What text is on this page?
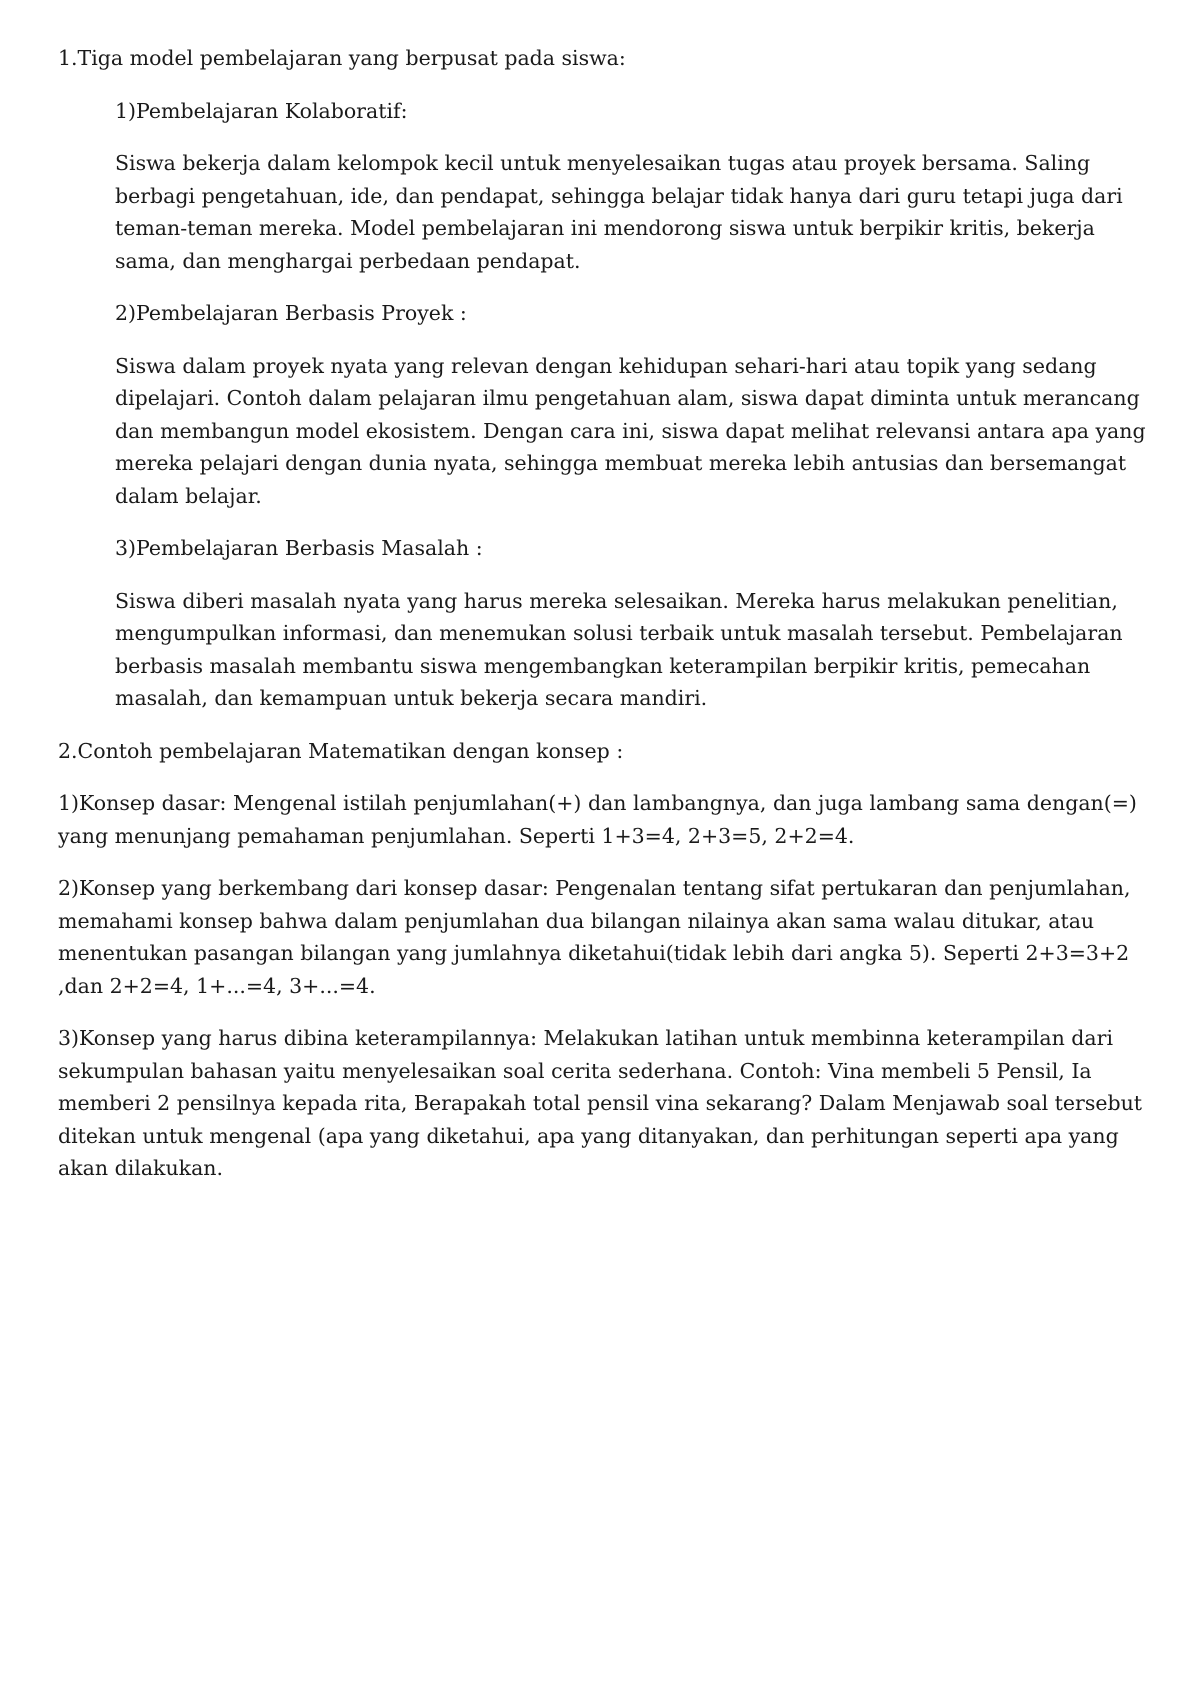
1.Tiga model pembelajaran yang berpusat pada siswa:

1)Pembelajaran Kolaboratif:

Siswa bekerja dalam kelompok kecil untuk menyelesaikan tugas atau proyek bersama. Saling berbagi pengetahuan, ide, dan pendapat, sehingga belajar tidak hanya dari guru tetapi juga dari teman-teman mereka. Model pembelajaran ini mendorong siswa untuk berpikir kritis, bekerja sama, dan menghargai perbedaan pendapat.

2)Pembelajaran Berbasis Proyek :

Siswa dalam proyek nyata yang relevan dengan kehidupan sehari-hari atau topik yang sedang dipelajari. Contoh dalam pelajaran ilmu pengetahuan alam, siswa dapat diminta untuk merancang dan membangun model ekosistem. Dengan cara ini, siswa dapat melihat relevansi antara apa yang mereka pelajari dengan dunia nyata, sehingga membuat mereka lebih antusias dan bersemangat dalam belajar.

3)Pembelajaran Berbasis Masalah :

Siswa diberi masalah nyata yang harus mereka selesaikan. Mereka harus melakukan penelitian, mengumpulkan informasi, dan menemukan solusi terbaik untuk masalah tersebut. Pembelajaran berbasis masalah membantu siswa mengembangkan keterampilan berpikir kritis, pemecahan masalah, dan kemampuan untuk bekerja secara mandiri.

2.Contoh pembelajaran Matematikan dengan konsep :

1)Konsep dasar: Mengenal istilah penjumlahan(+) dan lambangnya, dan juga lambang sama dengan(=) yang menunjang pemahaman penjumlahan. Seperti 1+3=4, 2+3=5, 2+2=4.

2)Konsep yang berkembang dari konsep dasar: Pengenalan tentang sifat pertukaran dan penjumlahan, memahami konsep bahwa dalam penjumlahan dua bilangan nilainya akan sama walau ditukar, atau menentukan pasangan bilangan yang jumlahnya diketahui(tidak lebih dari angka 5). Seperti 2+3=3+2 ,dan 2+2=4, 1+...=4, 3+...=4.

3)Konsep yang harus dibina keterampilannya: Melakukan latihan untuk membinna keterampilan dari sekumpulan bahasan yaitu menyelesaikan soal cerita sederhana. Contoh: Vina membeli 5 Pensil, Ia memberi 2 pensilnya kepada rita, Berapakah total pensil vina sekarang? Dalam Menjawab soal tersebut ditekan untuk mengenal (apa yang diketahui, apa yang ditanyakan, dan perhitungan seperti apa yang akan dilakukan.
